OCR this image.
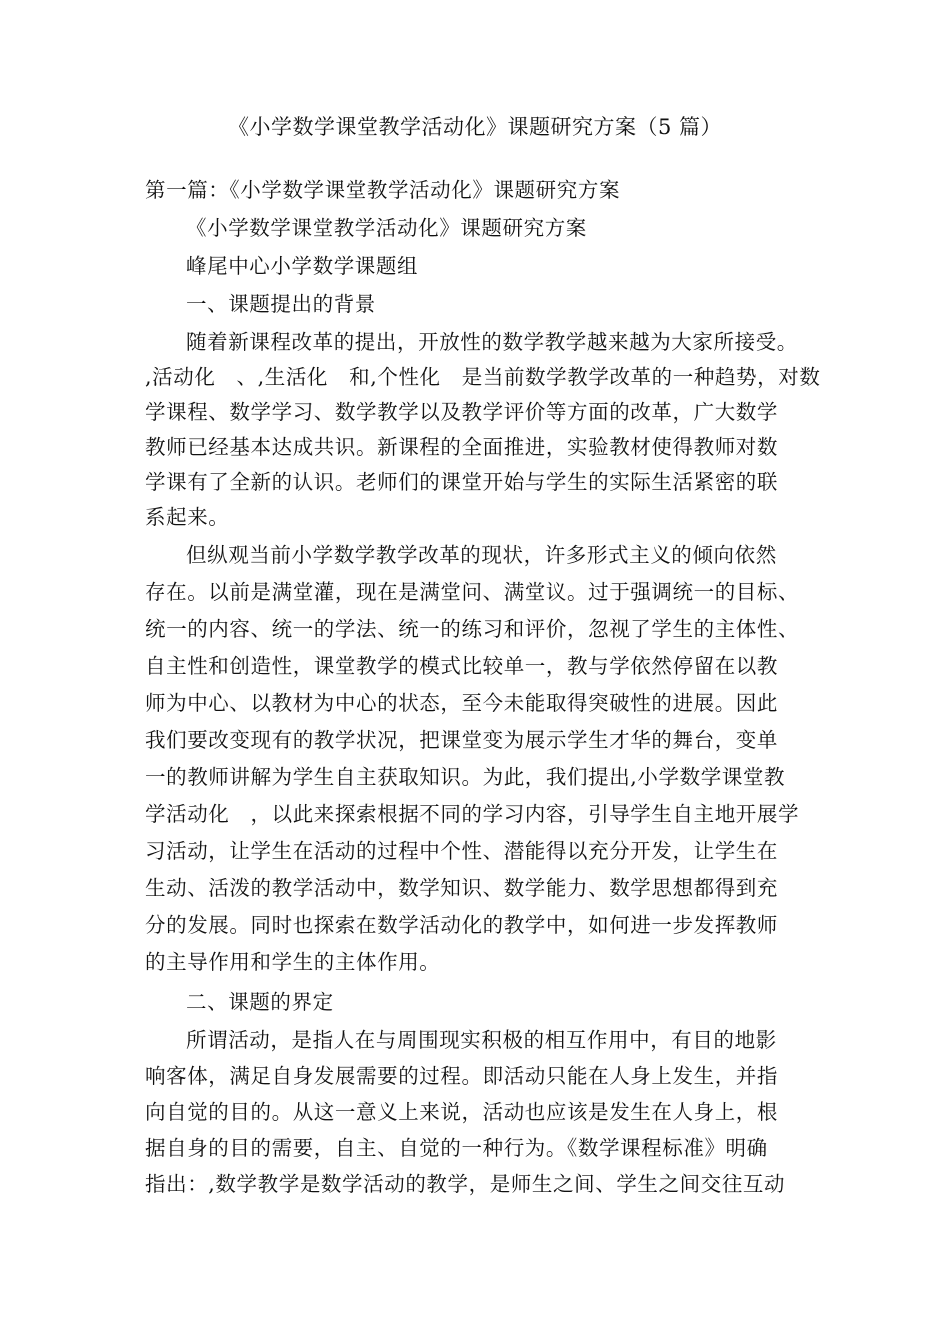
《小学数学课堂教学活动化》课题研究方案（5 篇）
第一篇：《小学数学课堂教学活动化》课题研究方案
《小学数学课堂教学活动化》课题研究方案
峰尾中心小学数学课题组
一、课题提出的背景
随着新课程改革的提出，开放性的数学教学越来越为大家所接受。
,活动化　、,生活化　和,个性化　是当前数学教学改革的一种趋势，对数
学课程、数学学习、数学教学以及教学评价等方面的改革，广大数学
教师已经基本达成共识。新课程的全面推进，实验教材使得教师对数
学课有了全新的认识。老师们的课堂开始与学生的实际生活紧密的联
系起来。
但纵观当前小学数学教学改革的现状，许多形式主义的倾向依然
存在。以前是满堂灌，现在是满堂问、满堂议。过于强调统一的目标、
统一的内容、统一的学法、统一的练习和评价，忽视了学生的主体性、
自主性和创造性，课堂教学的模式比较单一，教与学依然停留在以教
师为中心、以教材为中心的状态，至今未能取得突破性的进展。因此
我们要改变现有的教学状况，把课堂变为展示学生才华的舞台，变单
一的教师讲解为学生自主获取知识。为此，我们提出,小学数学课堂教
学活动化　，以此来探索根据不同的学习内容，引导学生自主地开展学
习活动，让学生在活动的过程中个性、潜能得以充分开发，让学生在
生动、活泼的教学活动中，数学知识、数学能力、数学思想都得到充
分的发展。同时也探索在数学活动化的教学中，如何进一步发挥教师
的主导作用和学生的主体作用。
二、课题的界定
所谓活动，是指人在与周围现实积极的相互作用中，有目的地影
响客体，满足自身发展需要的过程。即活动只能在人身上发生，并指
向自觉的目的。从这一意义上来说，活动也应该是发生在人身上，根
据自身的目的需要，自主、自觉的一种行为。《数学课程标准》明确
指出：,数学教学是数学活动的教学，是师生之间、学生之间交往互动
